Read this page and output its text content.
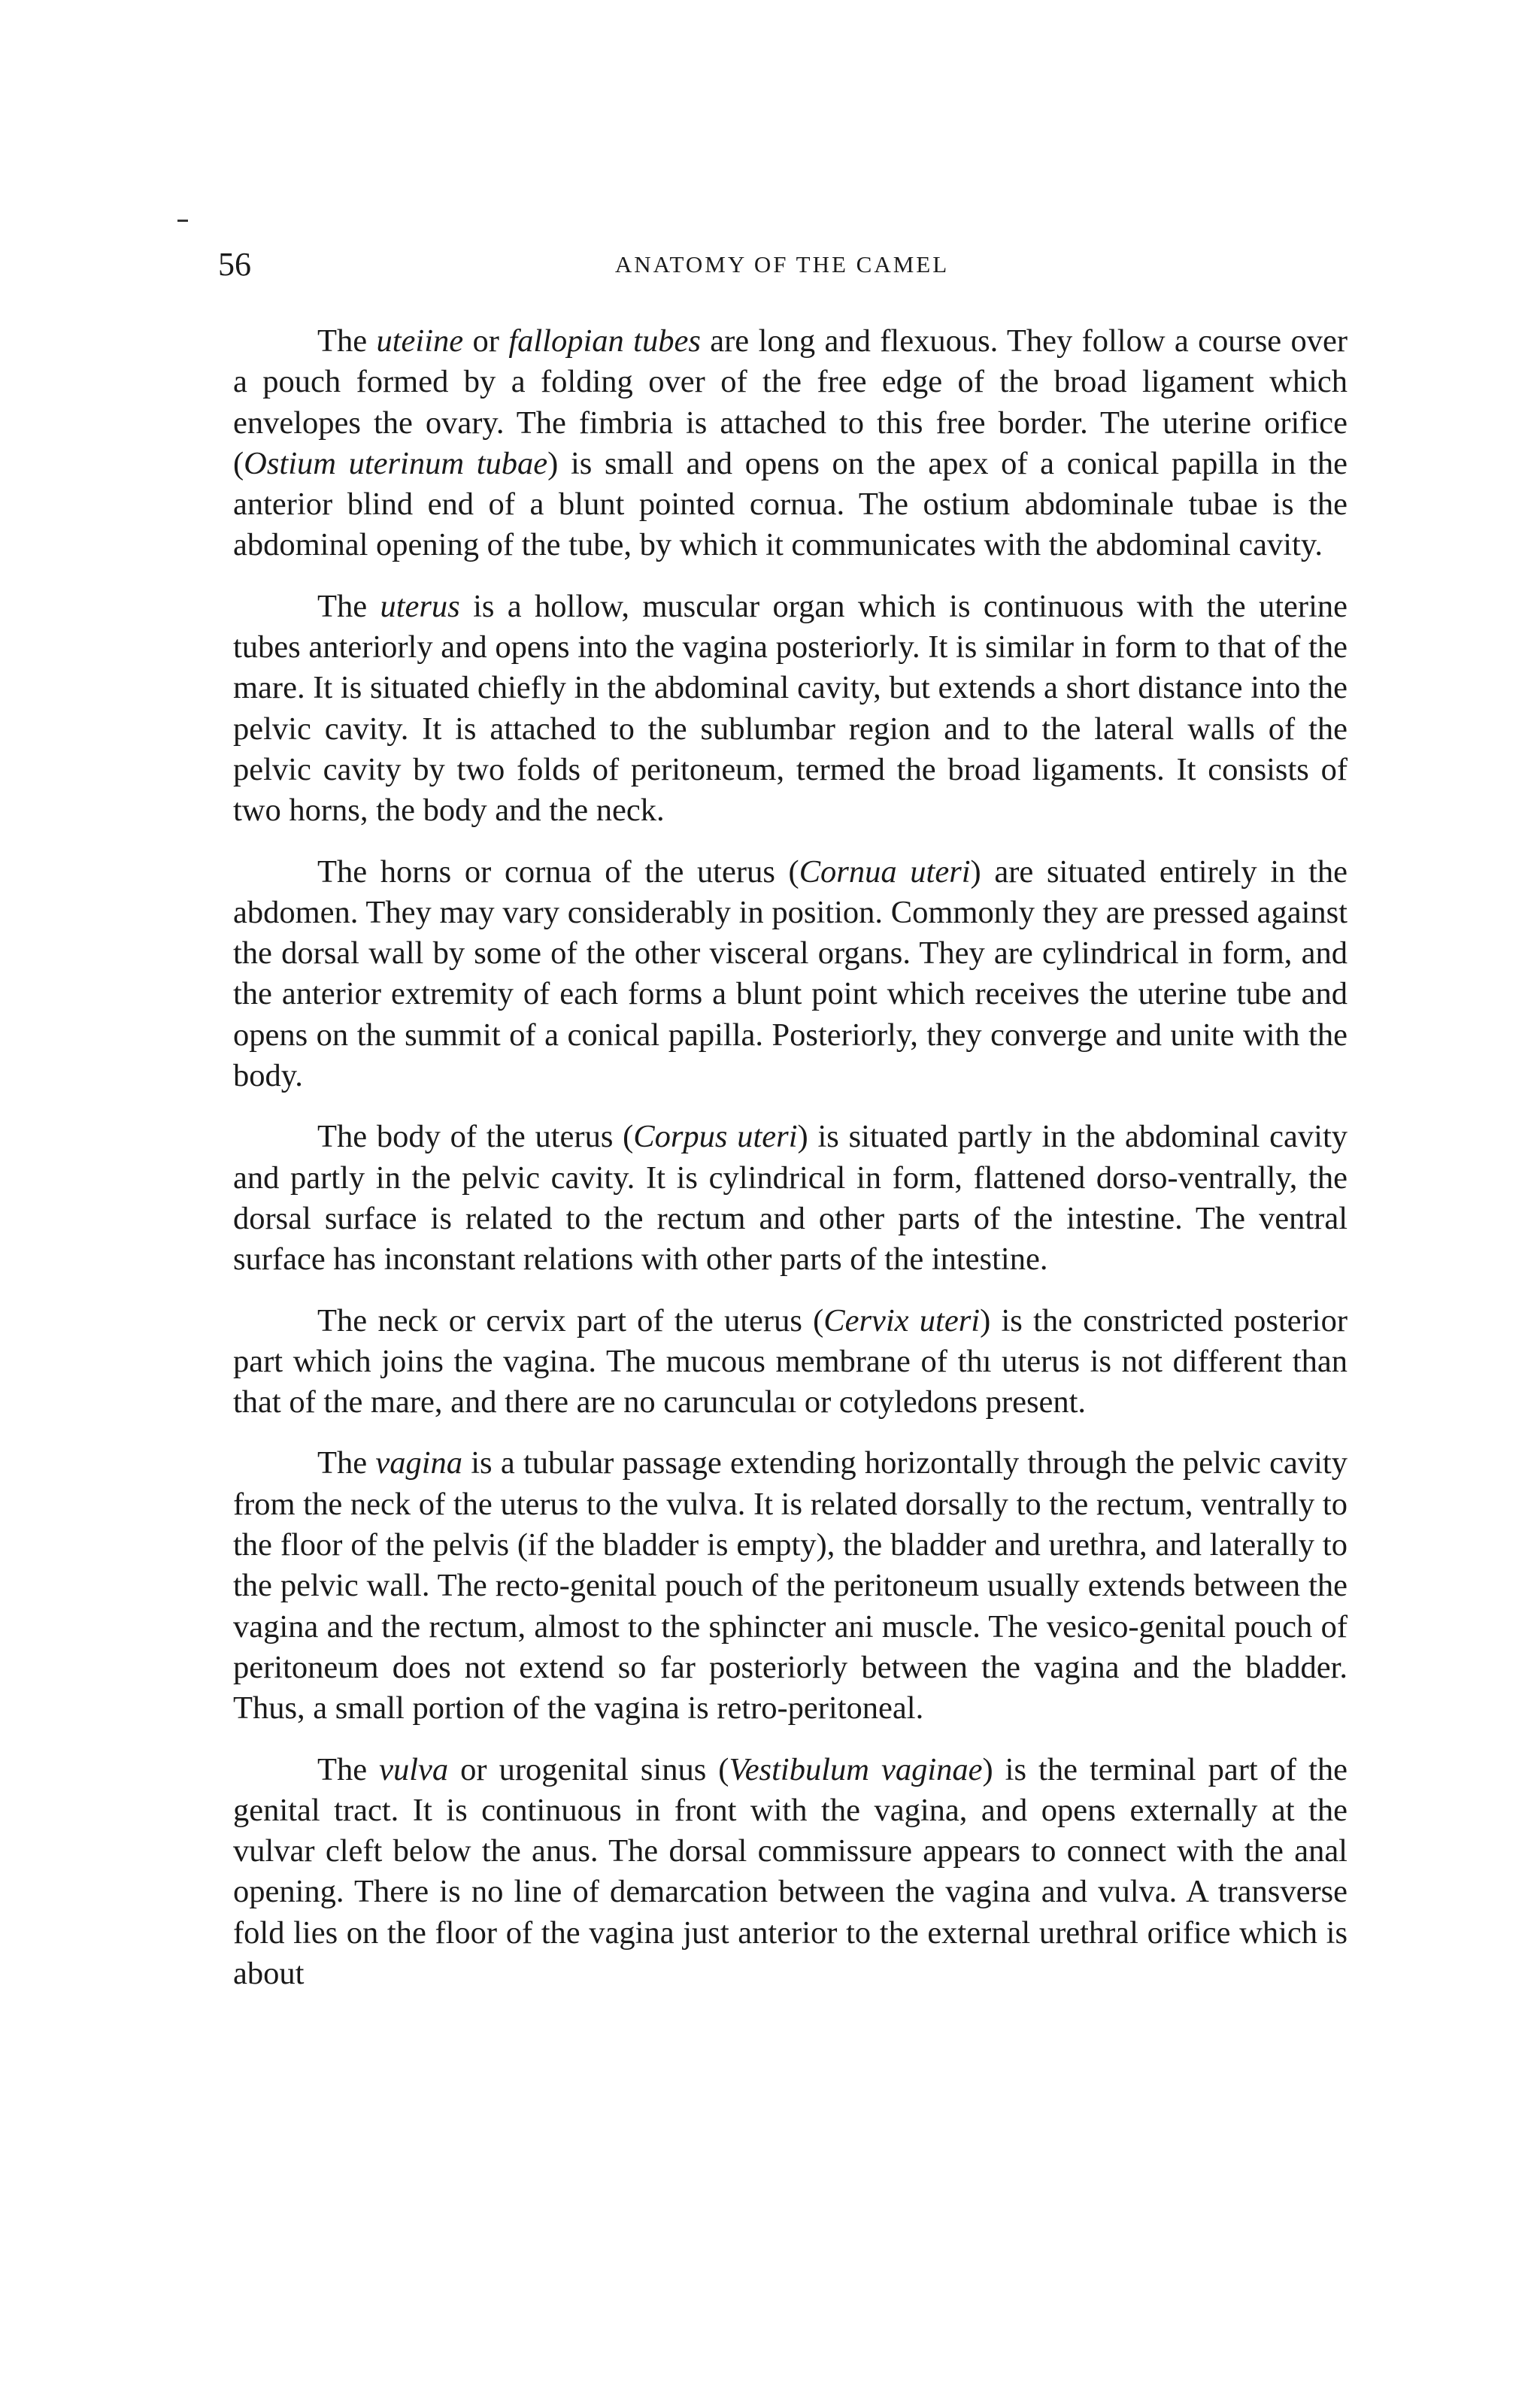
56	ANATOMY OF THE CAMEL

The uteiine or fallopian tubes are long and flexuous. They follow a course over a pouch formed by a folding over of the free edge of the broad ligament which envelopes the ovary. The fimbria is attached to this free border. The uterine orifice (Ostium uterinum tubae) is small and opens on the apex of a conical papilla in the anterior blind end of a blunt pointed cornua. The ostium abdominale tubae is the abdominal opening of the tube, by which it communicates with the abdominal cavity.

The uterus is a hollow, muscular organ which is continuous with the uterine tubes anteriorly and opens into the vagina posteriorly. It is similar in form to that of the mare. It is situated chiefly in the abdominal cavity, but extends a short distance into the pelvic cavity. It is attached to the sublumbar region and to the lateral walls of the pelvic cavity by two folds of peritoneum, termed the broad ligaments. It consists of two horns, the body and the neck.

The horns or cornua of the uterus (Cornua uteri) are situated entirely in the abdomen. They may vary considerably in position. Commonly they are pressed against the dorsal wall by some of the other visceral organs. They are cylindrical in form, and the anterior extremity of each forms a blunt point which receives the uterine tube and opens on the summit of a conical papilla. Posteriorly, they converge and unite with the body.

The body of the uterus (Corpus uteri) is situated partly in the abdominal cavity and partly in the pelvic cavity. It is cylindrical in form, flattened dorso-ventrally, the dorsal surface is related to the rectum and other parts of the intestine. The ventral surface has inconstant relations with other parts of the intestine.

The neck or cervix part of the uterus (Cervix uteri) is the constricted posterior part which joins the vagina. The mucous membrane of thı uterus is not different than that of the mare, and there are no carunculaı or cotyledons present.

The vagina is a tubular passage extending horizontally through the pelvic cavity from the neck of the uterus to the vulva. It is related dorsally to the rectum, ventrally to the floor of the pelvis (if the bladder is empty), the bladder and urethra, and laterally to the pelvic wall. The recto-genital pouch of the peritoneum usually extends between the vagina and the rectum, almost to the sphincter ani muscle. The vesico-genital pouch of peritoneum does not extend so far posteriorly between the vagina and the bladder. Thus, a small portion of the vagina is retro-peritoneal.

The vulva or urogenital sinus (Vestibulum vaginae) is the terminal part of the genital tract. It is continuous in front with the vagina, and opens externally at the vulvar cleft below the anus. The dorsal commissure appears to connect with the anal opening. There is no line of demarcation between the vagina and vulva. A transverse fold lies on the floor of the vagina just anterior to the external urethral orifice which is about
